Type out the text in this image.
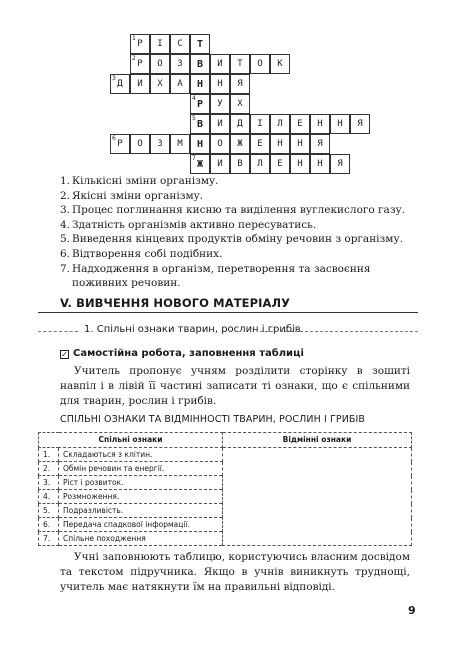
1
Р І С Т
2
Р О З В И Т О К
3
Д И Х А Н Н Я
4 Р У Х
5 В И Д І Л Е Н Н Я
6
Р О З М Н О Ж Е Н Н Я
7 Ж И В Л Е Н Н Я
1. Кількісні зміни організму.
2. Якісні зміни організму.
3. Процес поглинання кисню та виділення вуглекислого газу.
4. Здатність організмів активно пересуватись.
5. Виведення кінцевих продуктів обміну речовин з організму.
6. Відтворення собі подібних.
7. Надходження в організм, перетворення та засвоєння поживних речовин.
V. ВИВЧЕННЯ НОВОГО МАТЕРІАЛУ
1. Спільні ознаки тварин, рослин і грибів
✓ Самостійна робота, заповнення таблиці

Учитель пропонує учням розділити сторінку в зошиті навпіл і в лівій її частині записати ті ознаки, що є спільними для тварин, рослин і грибів.

СПІЛЬНІ ОЗНАКИ ТА ВІДМІННОСТІ ТВАРИН, РОСЛИН І ГРИБІВ
Спільні ознаки		Відмінні ознаки
1.	Складаються з клітин.	
2.	Обмін речовин та енергії.	
3.	Ріст і розвиток.	
4.	Розмноження.	
5.	Подразливість.	
6.	Передача спадкової інформації.	
7.	Спільне походження	

Учні заповнюють таблицю, користуючись власним досвідом та текстом підручника. Якщо в учнів виникнуть труднощі, учитель має натякнути їм на правильні відповіді.

9
